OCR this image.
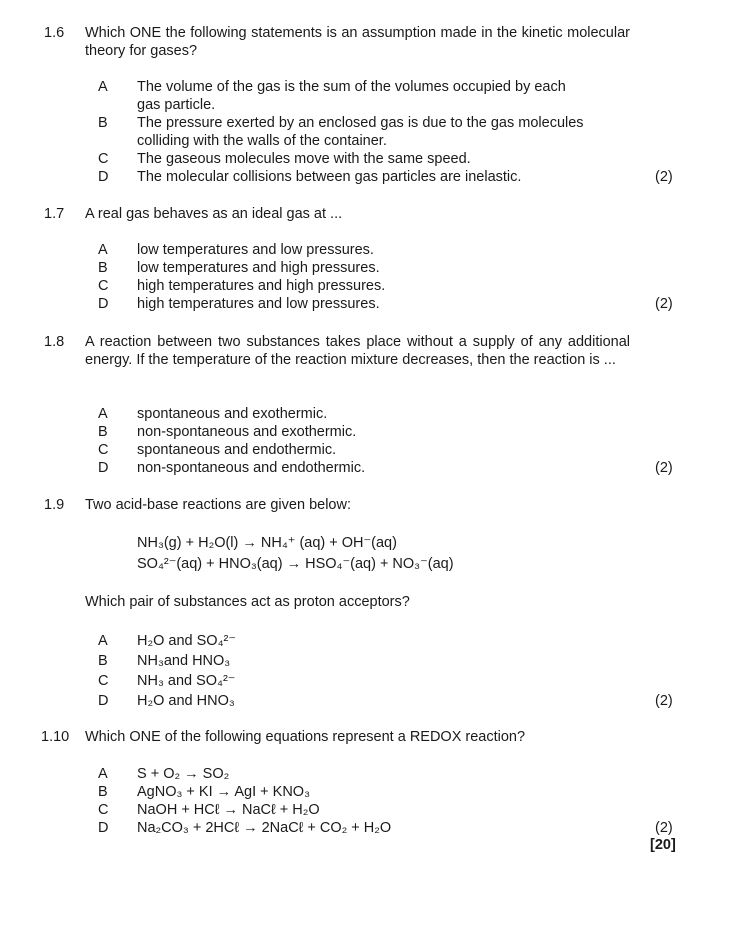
1.6 Which ONE the following statements is an assumption made in the kinetic molecular theory for gases?
A	The volume of the gas is the sum of the volumes occupied by each
gas particle.
B	The pressure exerted by an enclosed gas is due to the gas molecules
colliding with the walls of the container.
C	The gaseous molecules move with the same speed.
D	The molecular collisions between gas particles are inelastic.	(2)
1.7 A real gas behaves as an ideal gas at ...
A	low temperatures and low pressures.
B	low temperatures and high pressures.
C	high temperatures and high pressures.
D	high temperatures and low pressures.	(2)
1.8 A reaction between two substances takes place without a supply of any additional energy. If the temperature of the reaction mixture decreases, then the reaction is ...
A	spontaneous and exothermic.
B	non-spontaneous and exothermic.
C	spontaneous and endothermic.
D	non-spontaneous and endothermic.	(2)
1.9 Two acid-base reactions are given below:
NH₃(g) + H₂O(l) → NH₄⁺ (aq) + OH⁻(aq)
SO₄²⁻(aq) + HNO₃(aq) → HSO₄⁻(aq) + NO₃⁻(aq)
Which pair of substances act as proton acceptors?
A	H₂O and SO₄²⁻
B	NH₃and HNO₃
C	NH₃ and SO₄²⁻
D	H₂O and HNO₃	(2)
1.10 Which ONE of the following equations represent a REDOX reaction?
A	S + O₂ → SO₂
B	AgNO₃ + KI → AgI + KNO₃
C	NaOH + HCℓ → NaCℓ + H₂O
D	Na₂CO₃ + 2HCℓ → 2NaCℓ + CO₂ + H₂O	(2)
[20]
